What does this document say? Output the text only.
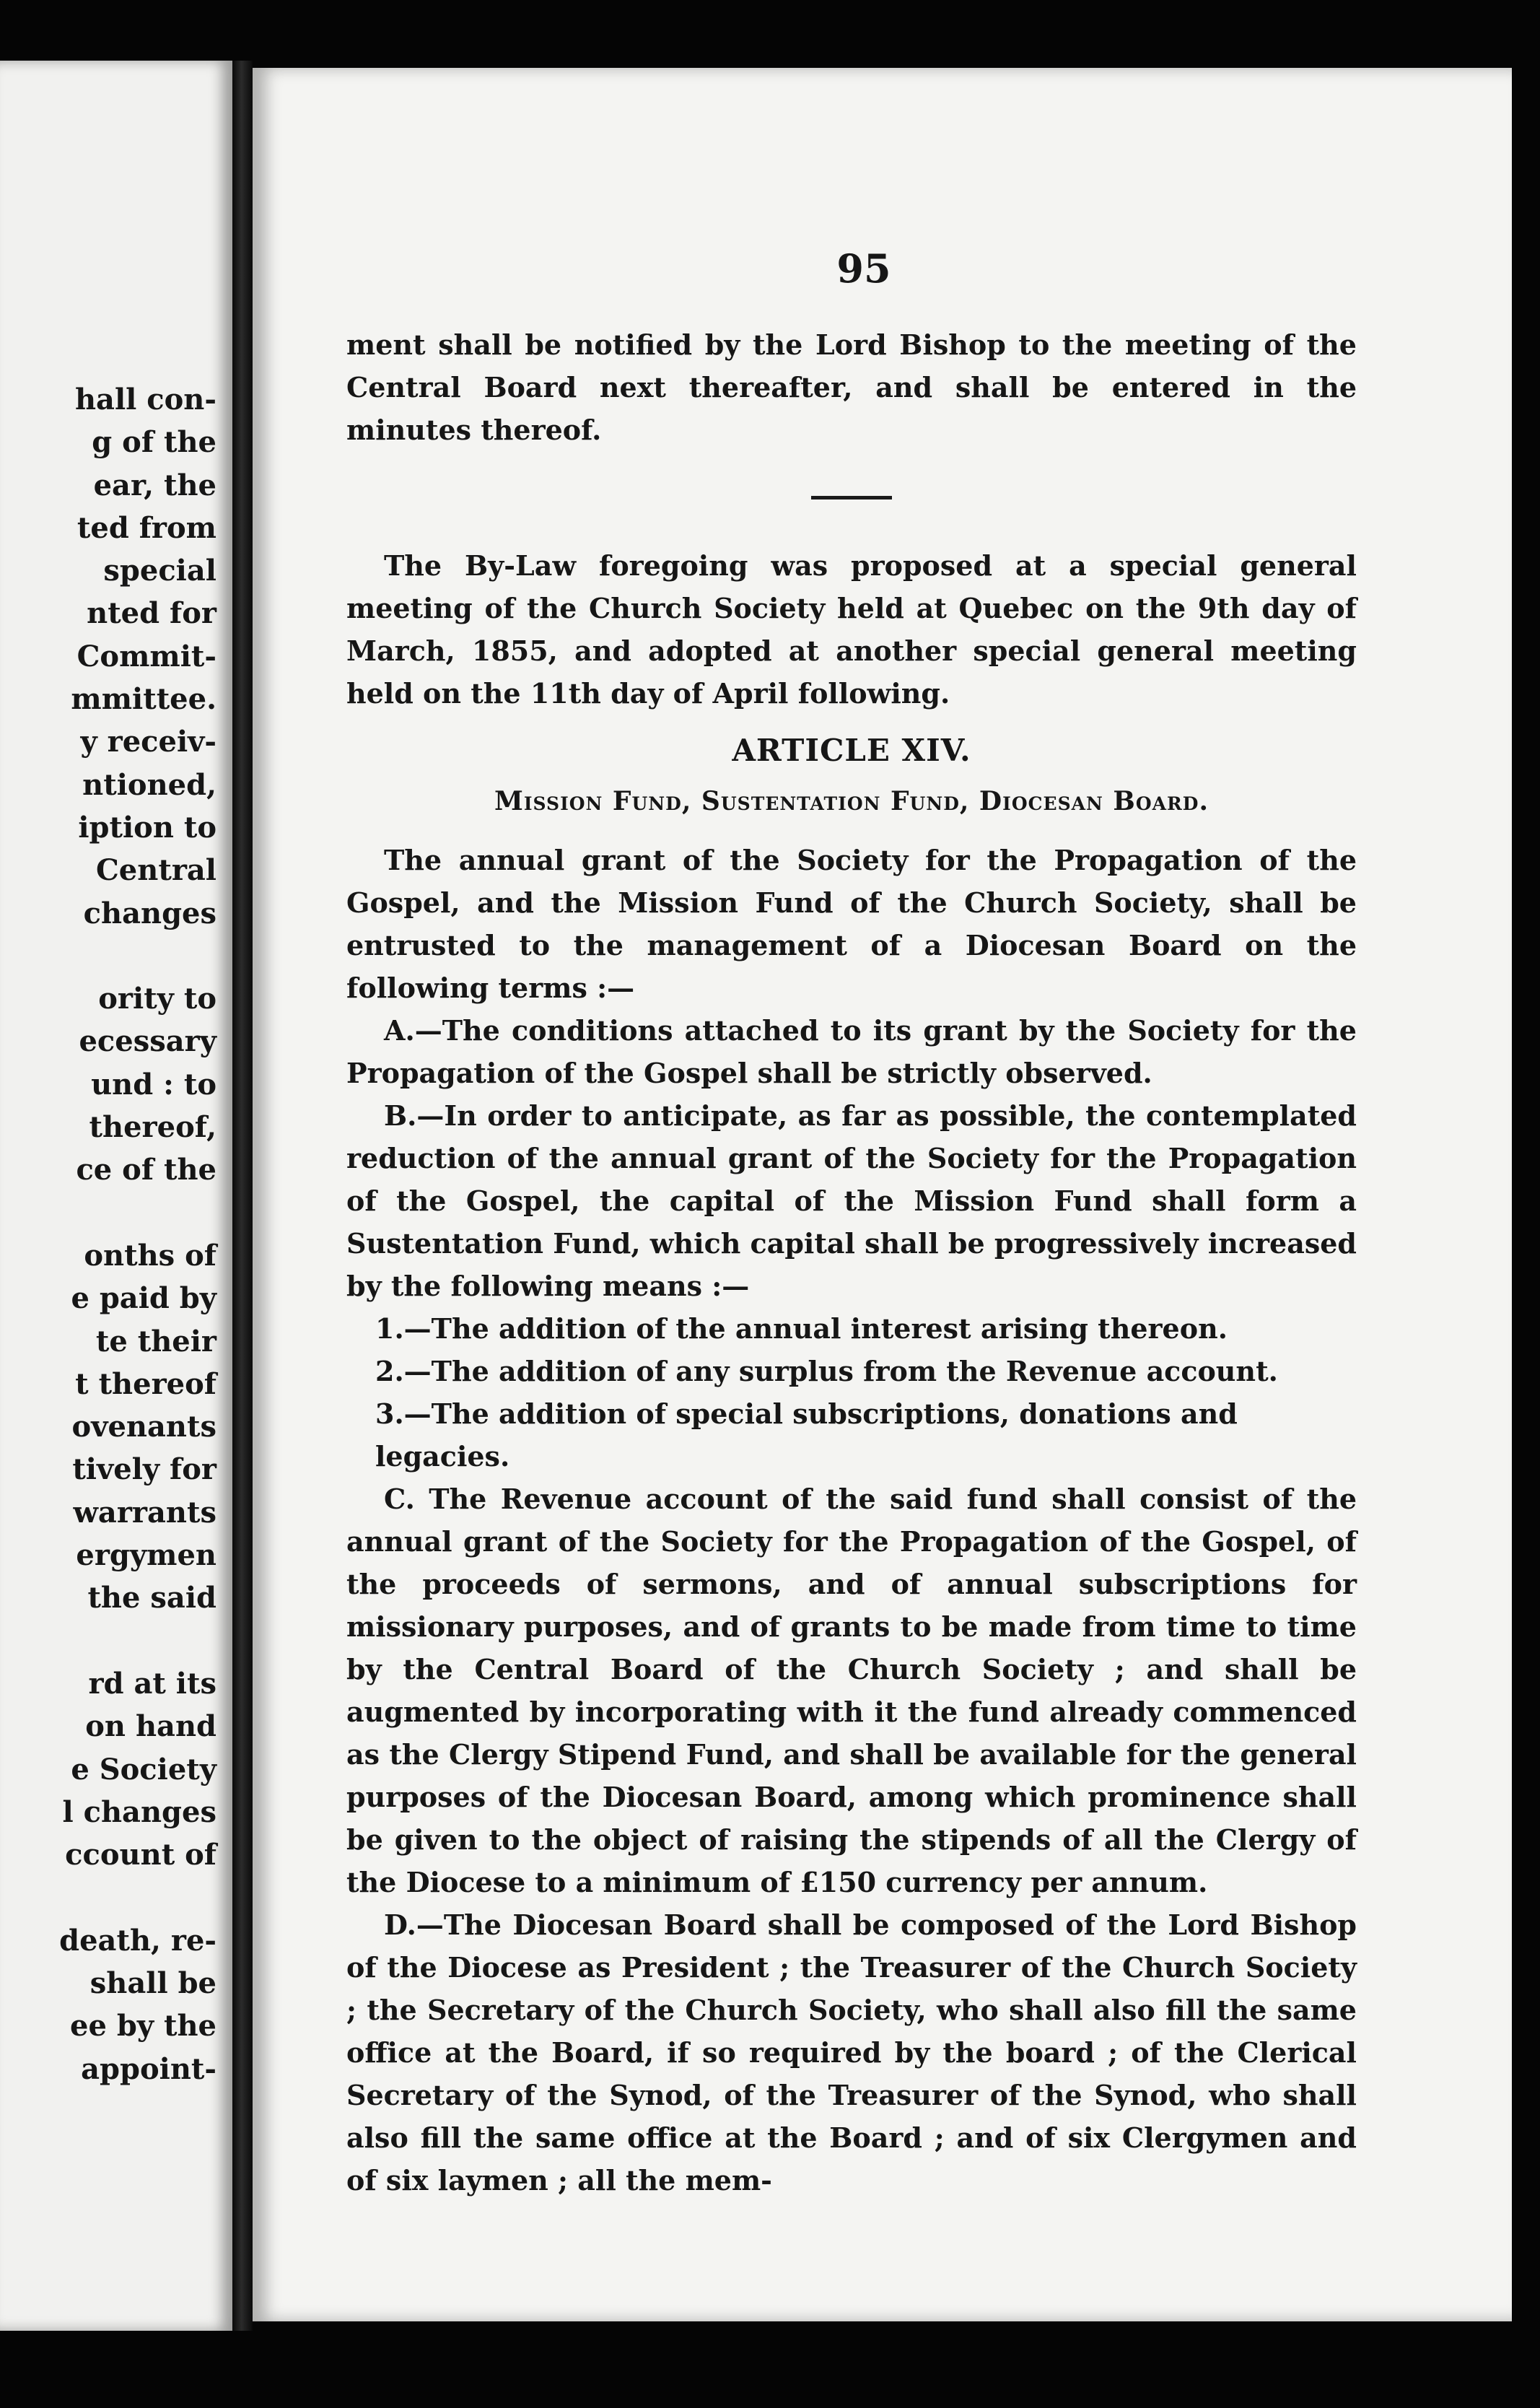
hall con-
g of the
ear, the
ted from
special
nted for
Commit-
mmittee.
y receiv-
ntioned,
iption to
Central
changes
ority to
ecessary
und : to
thereof,
ce of the
onths of
e paid by
te their
t thereof
ovenants
tively for
warrants
ergymen
the said
rd at its
on hand
e Society
l changes
ccount of
death, re-
shall be
ee by the
appoint-
95

ment shall be notified by the Lord Bishop to the meeting of the Central Board next thereafter, and shall be entered in the minutes thereof.

The By-Law foregoing was proposed at a special general meeting of the Church Society held at Quebec on the 9th day of March, 1855, and adopted at another special general meeting held on the 11th day of April following.

ARTICLE XIV.
Mission Fund, Sustentation Fund, Diocesan Board.

The annual grant of the Society for the Propagation of the Gospel, and the Mission Fund of the Church Society, shall be entrusted to the management of a Diocesan Board on the following terms :—

A.—The conditions attached to its grant by the Society for the Propagation of the Gospel shall be strictly observed.

B.—In order to anticipate, as far as possible, the contemplated reduction of the annual grant of the Society for the Propagation of the Gospel, the capital of the Mission Fund shall form a Sustentation Fund, which capital shall be progressively increased by the following means :—

1.—The addition of the annual interest arising thereon.

2.—The addition of any surplus from the Revenue account.

3.—The addition of special subscriptions, donations and legacies.

C. The Revenue account of the said fund shall consist of the annual grant of the Society for the Propagation of the Gospel, of the proceeds of sermons, and of annual subscriptions for missionary purposes, and of grants to be made from time to time by the Central Board of the Church Society ; and shall be augmented by incorporating with it the fund already commenced as the Clergy Stipend Fund, and shall be available for the general purposes of the Diocesan Board, among which prominence shall be given to the object of raising the stipends of all the Clergy of the Diocese to a minimum of £150 currency per annum.

D.—The Diocesan Board shall be composed of the Lord Bishop of the Diocese as President ; the Treasurer of the Church Society ; the Secretary of the Church Society, who shall also fill the same office at the Board, if so required by the board ; of the Clerical Secretary of the Synod, of the Treasurer of the Synod, who shall also fill the same office at the Board ; and of six Clergymen and of six laymen ; all the mem-
